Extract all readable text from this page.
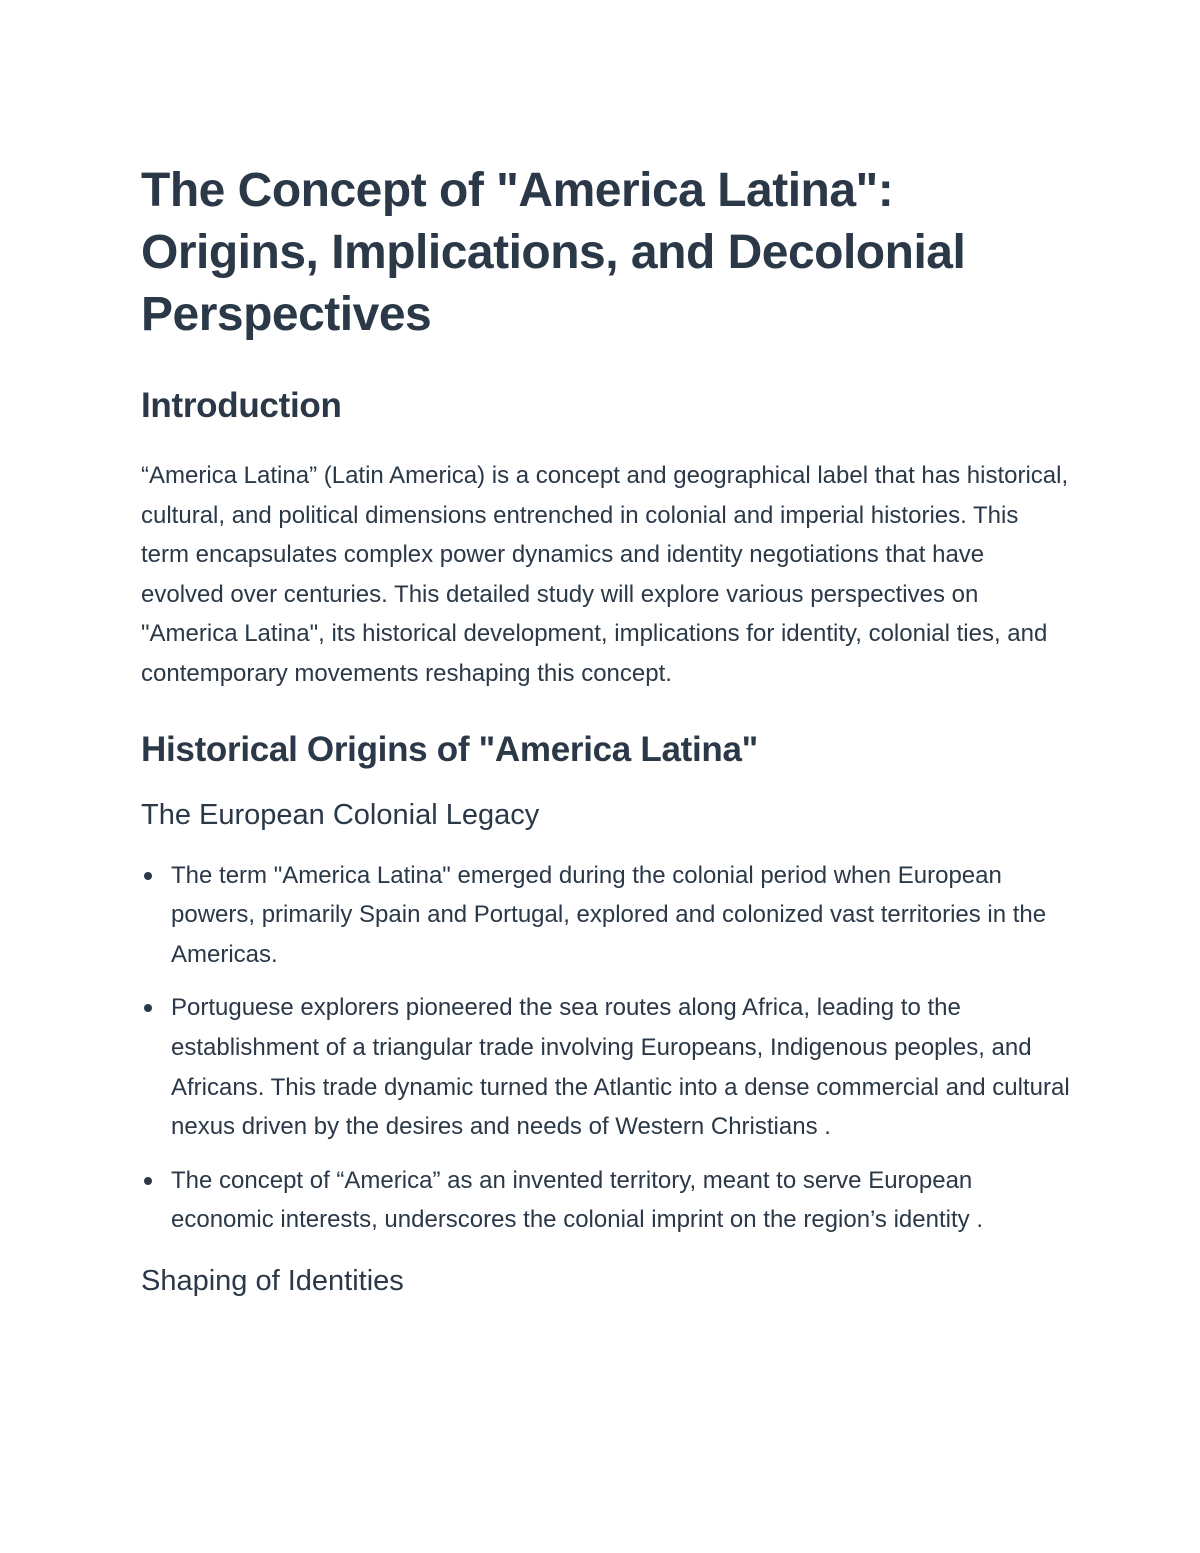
The Concept of "America Latina": Origins, Implications, and Decolonial Perspectives
Introduction

“America Latina” (Latin America) is a concept and geographical label that has historical, cultural, and political dimensions entrenched in colonial and imperial histories. This term encapsulates complex power dynamics and identity negotiations that have evolved over centuries. This detailed study will explore various perspectives on "America Latina", its historical development, implications for identity, colonial ties, and contemporary movements reshaping this concept.

Historical Origins of "America Latina"
The European Colonial Legacy
The term "America Latina" emerged during the colonial period when European powers, primarily Spain and Portugal, explored and colonized vast territories in the Americas.
Portuguese explorers pioneered the sea routes along Africa, leading to the establishment of a triangular trade involving Europeans, Indigenous peoples, and Africans. This trade dynamic turned the Atlantic into a dense commercial and cultural nexus driven by the desires and needs of Western Christians .
The concept of “America” as an invented territory, meant to serve European economic interests, underscores the colonial imprint on the region’s identity .
Shaping of Identities
